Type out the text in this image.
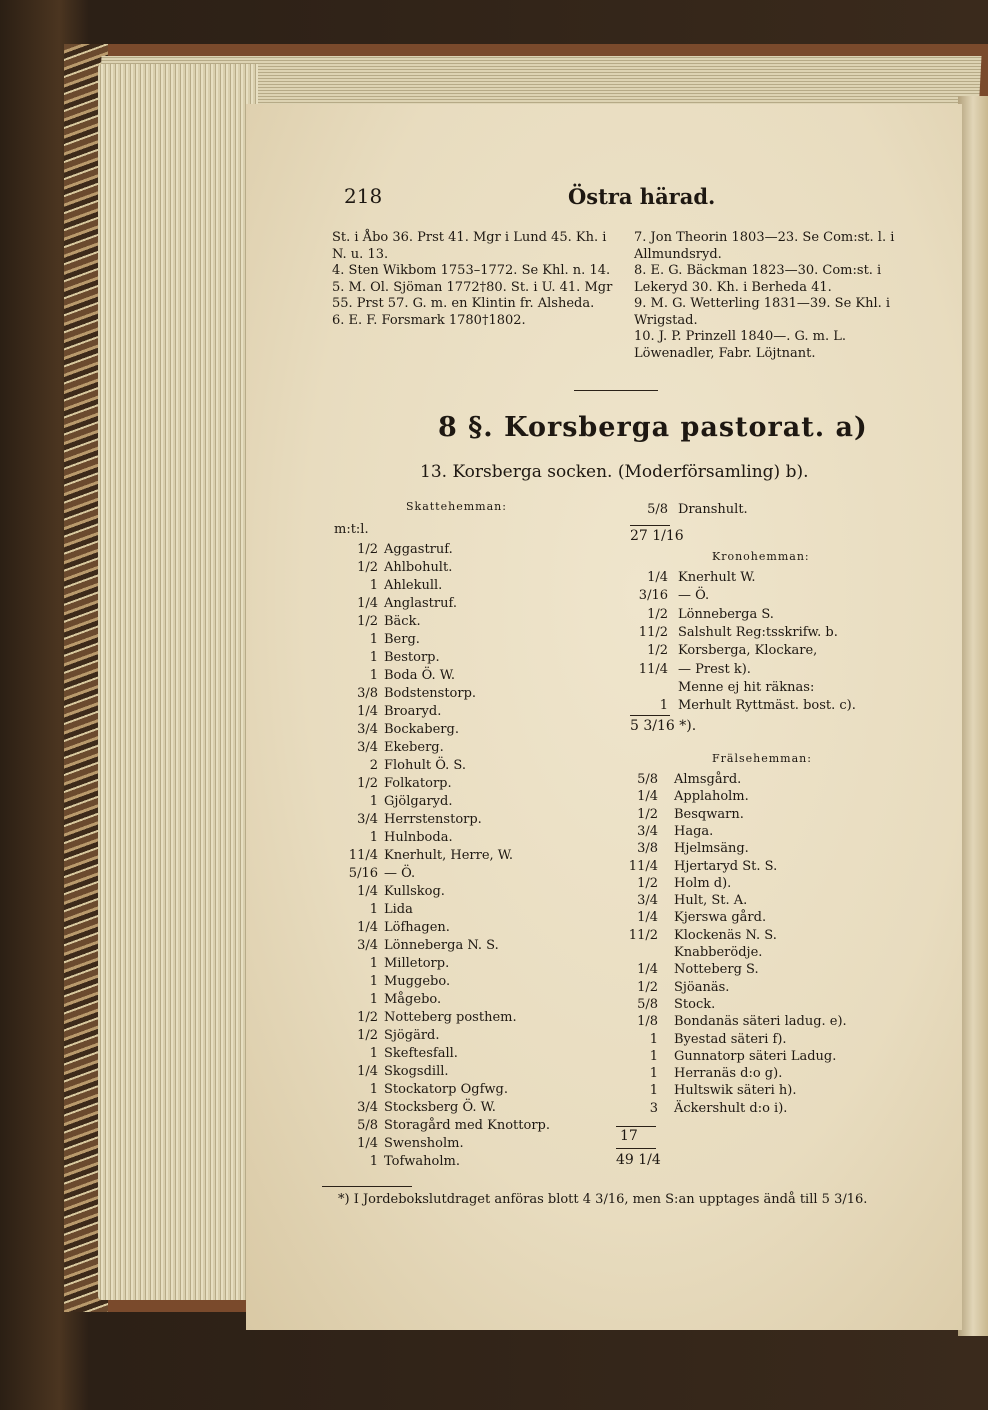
218	Östra härad.
St. i Åbo 36. Prst 41. Mgr i Lund 45. Kh. i N. u. 13.
4. Sten Wikbom 1753–1772. Se Khl. n. 14.
5. M. Ol. Sjöman 1772†80. St. i U. 41. Mgr 55. Prst 57. G. m. en Klintin fr. Alsheda.
6. E. F. Forsmark 1780†1802.
7. Jon Theorin 1803—23. Se Com:st. l. i Allmundsryd.
8. E. G. Bäckman 1823—30. Com:st. i Lekeryd 30. Kh. i Berheda 41.
9. M. G. Wetterling 1831—39. Se Khl. i Wrigstad.
10. J. P. Prinzell 1840—. G. m. L. Löwenadler, Fabr. Löjtnant.
8 §. Korsberga pastorat. a)
13. Korsberga socken. (Moderförsamling) b).
Skattehemman:
m:t:l.
1/2 Aggastruf.
1/2 Ahlbohult.
1 Ahlekull.
1/4 Anglastruf.
1/2 Bäck.
1 Berg.
1 Bestorp.
1 Boda Ö. W.
3/8 Bodstenstorp.
1/4 Broaryd.
3/4 Bockaberg.
3/4 Ekeberg.
2 Flohult Ö. S.
1/2 Folkatorp.
1 Gjölgaryd.
3/4 Herrstenstorp.
1 Hulnboda.
11/4 Knerhult, Herre, W.
5/16 — Ö.
1/4 Kullskog.
1 Lida
1/4 Löfhagen.
3/4 Lönneberga N. S.
1 Milletorp.
1 Muggebo.
1 Mågebo.
1/2 Notteberg posthem.
1/2 Sjögärd.
1 Skeftesfall.
1/4 Skogsdill.
1 Stockatorp Ogfwg.
3/4 Stocksberg Ö. W.
5/8 Storagård med Knottorp.
1/4 Swensholm.
1 Tofwaholm.
5/8 Dranshult.
27 1/16
Kronohemman:
1/4 Knerhult W.
3/16 — Ö.
1/2 Lönneberga S.
11/2 Salshult Reg:tsskrifw. b.
1/2 Korsberga, Klockare,
11/4 — Prest k).
Menne ej hit räknas:
1 Merhult Ryttmäst. bost. c).
5 3/16 *).
Frälsehemman:
5/8 Almsgård.
1/4 Applaholm.
1/2 Besqwarn.
3/4 Haga.
3/8 Hjelmsäng.
11/4 Hjertaryd St. S.
1/2 Holm d).
3/4 Hult, St. A.
1/4 Kjerswa gård.
11/2 Klockenäs N. S.
Knabberödje.
1/4 Notteberg S.
1/2 Sjöanäs.
5/8 Stock.
1/8 Bondanäs säteri ladug. e).
1 Byestad säteri f).
1 Gunnatorp säteri Ladug.
1 Herranäs d:o g).
1 Hultswik säteri h).
3 Äckershult d:o i).
17
49 1/4
*) I Jordebokslutdraget anföras blott 4 3/16, men S:an upptages ändå till 5 3/16.
